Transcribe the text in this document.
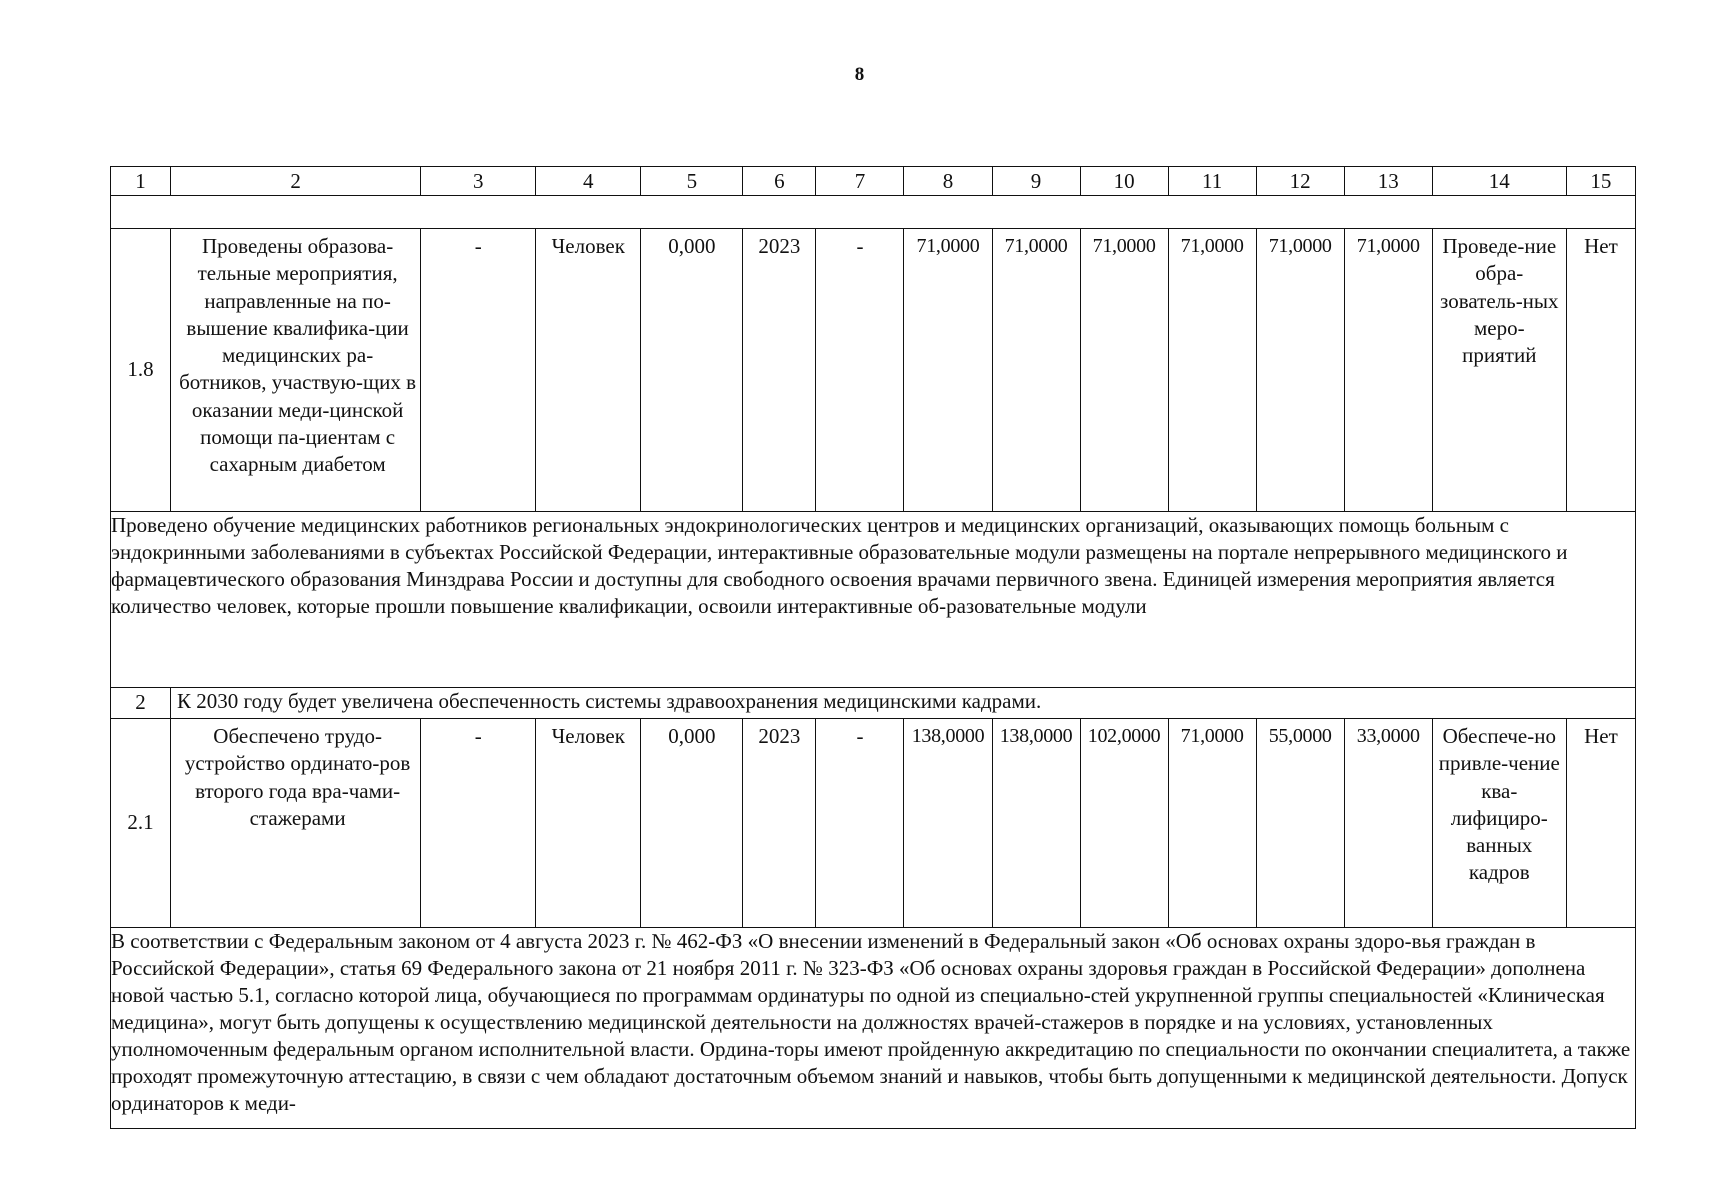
8
1	2	3	4	5	6	7	8	9	10	11	12	13	14	15

1.8	Проведены образова-тельные мероприятия, направленные на по-вышение квалифика-ции медицинских ра-ботников, участвую-щих в оказании меди-цинской помощи па-циентам с сахарным диабетом	-	Человек	0,000	2023	-	71,0000	71,0000	71,0000	71,0000	71,0000	71,0000	Проведе-ние обра-зователь-ных меро-приятий	Нет
Проведено обучение медицинских работников региональных эндокринологических центров и медицинских организаций, оказывающих помощь больным с эндокринными заболеваниями в субъектах Российской Федерации, интерактивные образовательные модули размещены на портале непрерывного медицинского и фармацевтического образования Минздрава России и доступны для свободного освоения врачами первичного звена. Единицей измерения мероприятия является количество человек, которые прошли повышение квалификации, освоили интерактивные об-разовательные модули														
2	К 2030 году будет увеличена обеспеченность системы здравоохранения медицинскими кадрами.													
2.1	Обеспечено трудо-устройство ординато-ров второго года вра-чами-стажерами	-	Человек	0,000	2023	-	138,0000	138,0000	102,0000	71,0000	55,0000	33,0000	Обеспече-но привле-чение ква-лифициро-ванных кадров	Нет
В соответствии с Федеральным законом от 4 августа 2023 г. № 462-ФЗ «О внесении изменений в Федеральный закон «Об основах охраны здоро-вья граждан в Российской Федерации», статья 69 Федерального закона от 21 ноября 2011 г. № 323-ФЗ «Об основах охраны здоровья граждан в Российской Федерации» дополнена новой частью 5.1, согласно которой лица, обучающиеся по программам ординатуры по одной из специально-стей укрупненной группы специальностей «Клиническая медицина», могут быть допущены к осуществлению медицинской деятельности на должностях врачей-стажеров в порядке и на условиях, установленных уполномоченным федеральным органом исполнительной власти. Ордина-торы имеют пройденную аккредитацию по специальности по окончании специалитета, а также проходят промежуточную аттестацию, в связи с чем обладают достаточным объемом знаний и навыков, чтобы быть допущенными к медицинской деятельности. Допуск ординаторов к меди-														
